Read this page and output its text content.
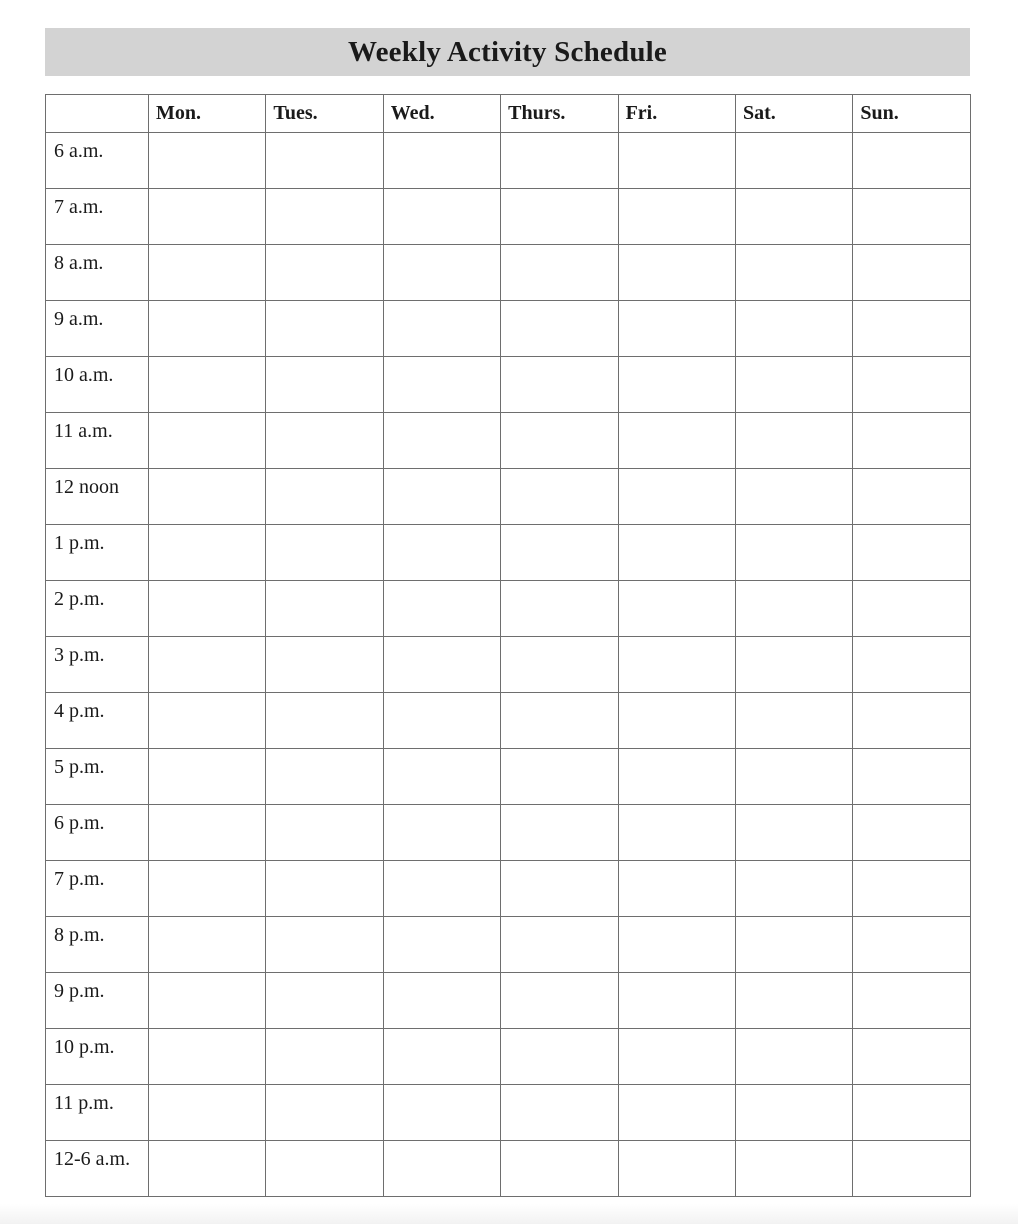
Weekly Activity Schedule
	Mon.	Tues.	Wed.	Thurs.	Fri.	Sat.	Sun.
6 a.m.							
7 a.m.							
8 a.m.							
9 a.m.							
10 a.m.							
11 a.m.							
12 noon							
1 p.m.							
2 p.m.							
3 p.m.							
4 p.m.							
5 p.m.							
6 p.m.							
7 p.m.							
8 p.m.							
9 p.m.							
10 p.m.							
11 p.m.							
12-6 a.m.							
